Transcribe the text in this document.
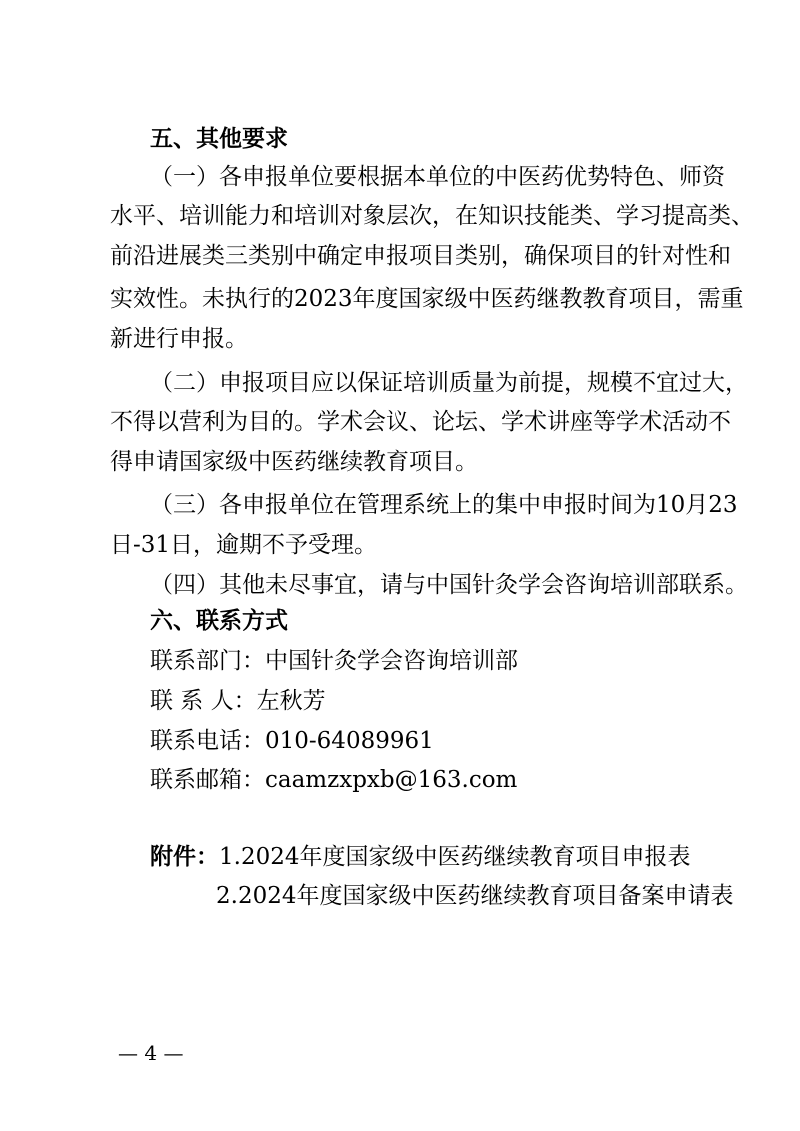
五、其他要求
（一）各申报单位要根据本单位的中医药优势特色、师资
水平、培训能力和培训对象层次，在知识技能类、学习提高类、
前沿进展类三类别中确定申报项目类别，确保项目的针对性和
实效性。未执行的2023年度国家级中医药继教教育项目，需重
新进行申报。
（二）申报项目应以保证培训质量为前提，规模不宜过大，
不得以营利为目的。学术会议、论坛、学术讲座等学术活动不
得申请国家级中医药继续教育项目。
（三）各申报单位在管理系统上的集中申报时间为10月23
日-31日，逾期不予受理。
（四）其他未尽事宜，请与中国针灸学会咨询培训部联系。
六、联系方式
联系部门：中国针灸学会咨询培训部
联 系 人：左秋芳
联系电话：010-64089961
联系邮箱：caamzxpxb@163.com
附件：1.2024年度国家级中医药继续教育项目申报表
2.2024年度国家级中医药继续教育项目备案申请表
— 4 —
